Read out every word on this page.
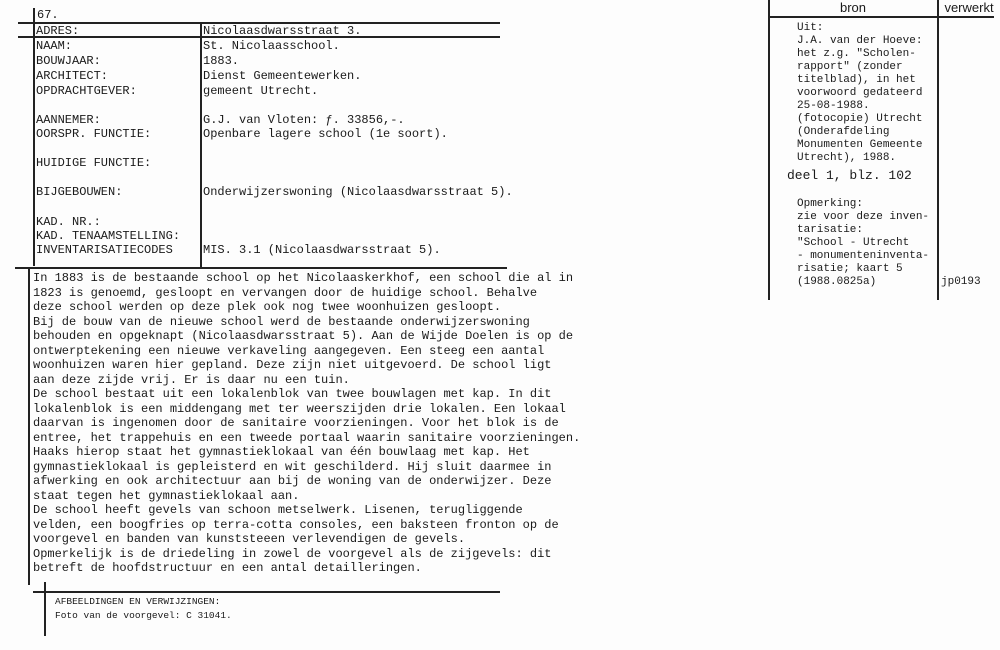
67.
ADRES:	Nicolaasdwarsstraat 3.
NAAM:	St. Nicolaasschool.
BOUWJAAR:	1883.
ARCHITECT:	Dienst Gemeentewerken.
OPDRACHTGEVER:	gemeent Utrecht.
AANNEMER:	G.J. van Vloten: ƒ. 33856,-.
OORSPR. FUNCTIE:	Openbare lagere school (1e soort).
HUIDIGE FUNCTIE:
BIJGEBOUWEN:	Onderwijzerswoning (Nicolaasdwarsstraat 5).
KAD. NR.:
KAD. TENAAMSTELLING:
INVENTARISATIECODES	MIS. 3.1 (Nicolaasdwarsstraat 5).
In 1883 is de bestaande school op het Nicolaaskerkhof, een school die al in
1823 is genoemd, gesloopt en vervangen door de huidige school. Behalve
deze school werden op deze plek ook nog twee woonhuizen gesloopt.
Bij de bouw van de nieuwe school werd de bestaande onderwijzerswoning
behouden en opgeknapt (Nicolaasdwarsstraat 5). Aan de Wijde Doelen is op de
ontwerptekening een nieuwe verkaveling aangegeven. Een steeg een aantal
woonhuizen waren hier gepland. Deze zijn niet uitgevoerd. De school ligt
aan deze zijde vrij. Er is daar nu een tuin.
De school bestaat uit een lokalenblok van twee bouwlagen met kap. In dit
lokalenblok is een middengang met ter weerszijden drie lokalen. Een lokaal
daarvan is ingenomen door de sanitaire voorzieningen. Voor het blok is de
entree, het trappehuis en een tweede portaal waarin sanitaire voorzieningen.
Haaks hierop staat het gymnastieklokaal van één bouwlaag met kap. Het
gymnastieklokaal is gepleisterd en wit geschilderd. Hij sluit daarmee in
afwerking en ook architectuur aan bij de woning van de onderwijzer. Deze
staat tegen het gymnastieklokaal aan.
De school heeft gevels van schoon metselwerk. Lisenen, terugliggende
velden, een boogfries op terra-cotta consoles, een baksteen fronton op de
voorgevel en banden van kunststeeen verlevendigen de gevels.
Opmerkelijk is de driedeling in zowel de voorgevel als de zijgevels: dit
betreft de hoofdstructuur en een antal detailleringen.
AFBEELDINGEN EN VERWIJZINGEN:
Foto van de voorgevel: C 31041.
bron	verwerkt
Uit:
J.A. van der Hoeve:
het z.g. "Scholen-
rapport" (zonder
titelblad), in het
voorwoord gedateerd
25-08-1988.
(fotocopie) Utrecht
(Onderafdeling
Monumenten Gemeente
Utrecht), 1988.
deel 1, blz. 102
Opmerking:
zie voor deze inven-
tarisatie:
"School - Utrecht
- monumenteninventa-
risatie; kaart 5
(1988.0825a)	jp0193
